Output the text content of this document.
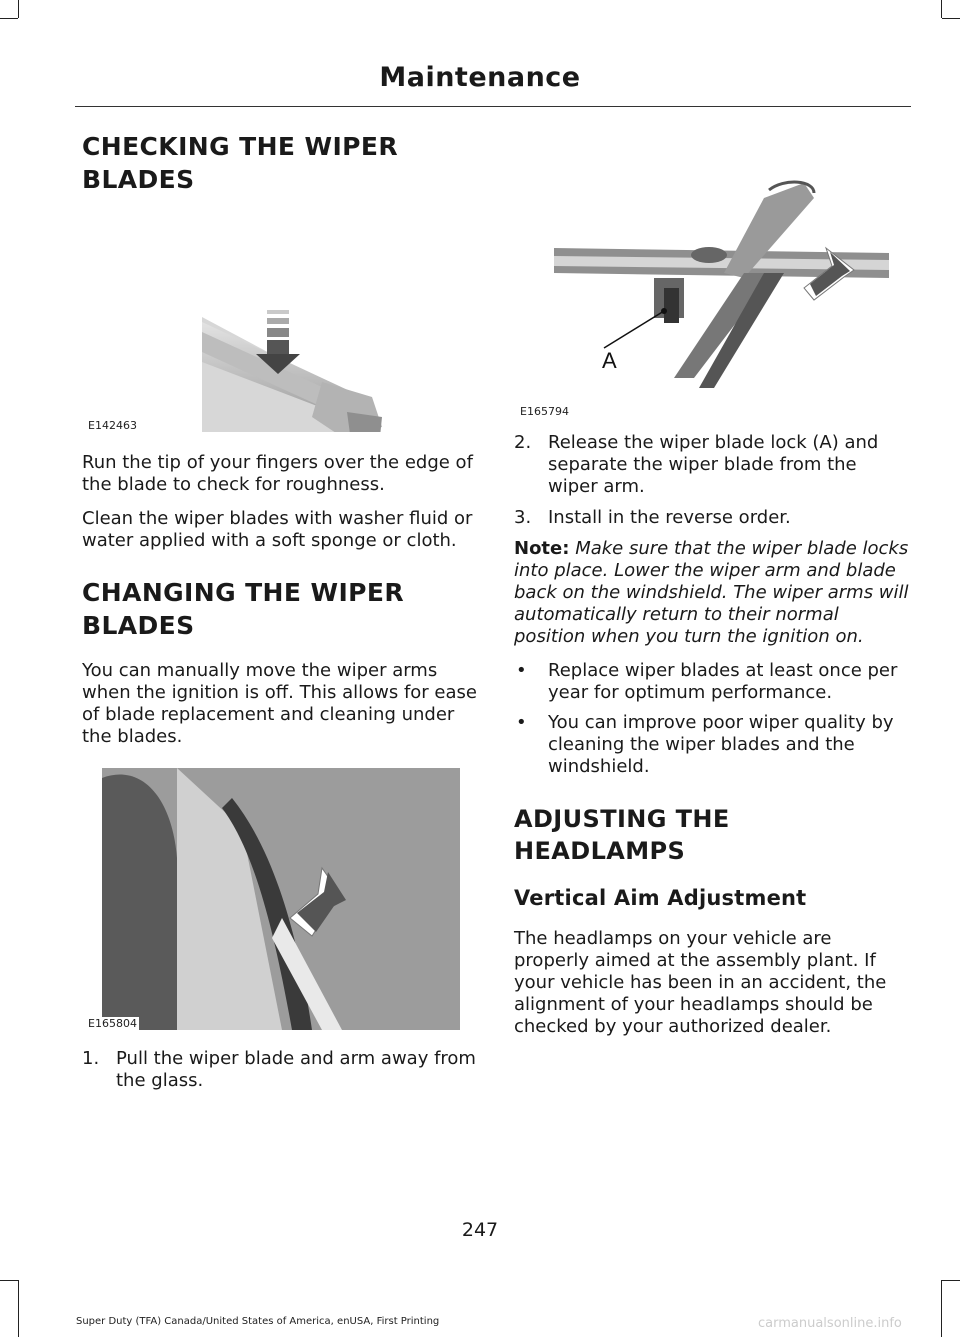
Maintenance
CHECKING THE WIPER
BLADES
E142463

Run the tip of your fingers over the edge of the blade to check for roughness.

Clean the wiper blades with washer fluid or water applied with a soft sponge or cloth.

CHANGING THE WIPER
BLADES

You can manually move the wiper arms when the ignition is off. This allows for ease of blade replacement and cleaning under the blades.

E165804
1. Pull the wiper blade and arm away from the glass.
A
E165794
2. Release the wiper blade lock (A) and separate the wiper blade from the wiper arm.
3. Install in the reverse order.

Note: Make sure that the wiper blade locks into place. Lower the wiper arm and blade back on the windshield. The wiper arms will automatically return to their normal position when you turn the ignition on.

• Replace wiper blades at least once per year for optimum performance.
• You can improve poor wiper quality by cleaning the wiper blades and the windshield.
ADJUSTING THE HEADLAMPS
Vertical Aim Adjustment

The headlamps on your vehicle are properly aimed at the assembly plant. If your vehicle has been in an accident, the alignment of your headlamps should be checked by your authorized dealer.

247
Super Duty (TFA) Canada/United States of America, enUSA, First Printing	carmanualsonline.info
